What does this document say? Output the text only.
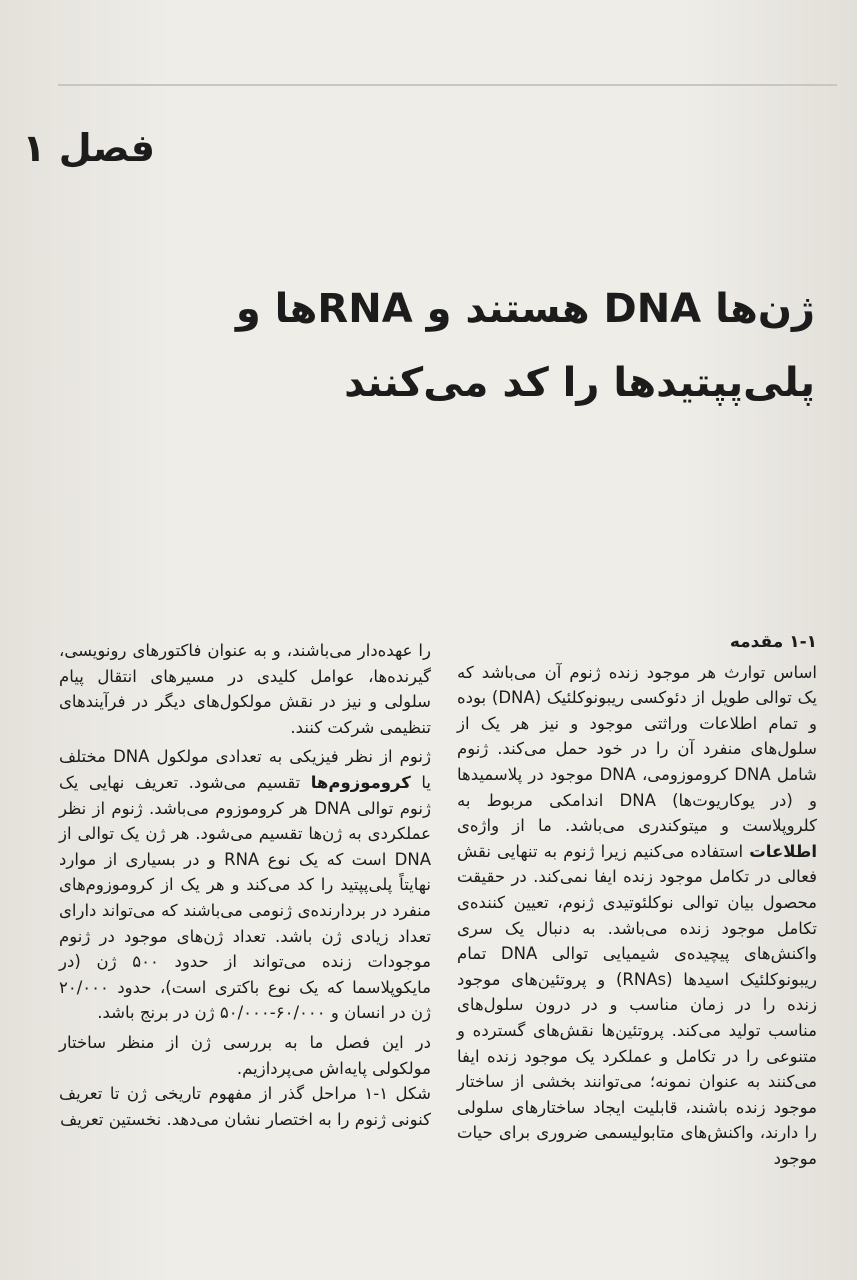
فصل ۱
ژن‌ها DNA هستند و RNAها و پلی‌پپتیدها را کد می‌کنند
۱-۱ مقدمه

اساس توارث هر موجود زنده ژنوم آن می‌باشد که یک توالی طویل از دئوکسی ریبونوکلئیک (DNA) بوده و تمام اطلاعات وراثتی موجود و نیز هر یک از سلول‌های منفرد آن را در خود حمل می‌کند. ژنوم شامل DNA کروموزومی، DNA موجود در پلاسمیدها و (در یوکاریوت‌ها) DNA اندامکی مربوط به کلروپلاست و میتوکندری می‌باشد. ما از واژه‌ی اطلاعات استفاده می‌کنیم زیرا ژنوم به تنهایی نقش فعالی در تکامل موجود زنده ایفا نمی‌کند. در حقیقت محصول بیان توالی نوکلئوتیدی ژنوم، تعیین کننده‌ی تکامل موجود زنده می‌باشد. به دنبال یک سری واکنش‌های پیچیده‌ی شیمیایی توالی DNA تمام ریبونوکلئیک اسیدها (RNAs) و پروتئین‌های موجود زنده را در زمان مناسب و در درون سلول‌های مناسب تولید می‌کند. پروتئین‌ها نقش‌های گسترده و متنوعی را در تکامل و عملکرد یک موجود زنده ایفا می‌کنند به عنوان نمونه؛ می‌توانند بخشی از ساختار موجود زنده باشند، قابلیت ایجاد ساختارهای سلولی را دارند، واکنش‌های متابولیسمی ضروری برای حیات موجود

را عهده‌دار می‌باشند، و به عنوان فاکتورهای رونویسی، گیرنده‌ها، عوامل کلیدی در مسیرهای انتقال پیام سلولی و نیز در نقش مولکول‌های دیگر در فرآیندهای تنظیمی شرکت کنند.

ژنوم از نظر فیزیکی به تعدادی مولکول DNA مختلف یا کروموزوم‌ها تقسیم می‌شود. تعریف نهایی یک ژنوم توالی DNA هر کروموزوم می‌باشد. ژنوم از نظر عملکردی به ژن‌ها تقسیم می‌شود. هر ژن یک توالی از DNA است که یک نوع RNA و در بسیاری از موارد نهایتاً پلی‌پپتید را کد می‌کند و هر یک از کروموزوم‌های منفرد در بردارنده‌ی ژنومی می‌باشند که می‌تواند دارای تعداد زیادی ژن باشد. تعداد ژن‌های موجود در ژنوم موجودات زنده می‌تواند از حدود ۵۰۰ ژن (در مایکوپلاسما که یک نوع باکتری است)، حدود ۲۰/۰۰۰ ژن در انسان و ۶۰/۰۰۰-۵۰/۰۰۰ ژن در برنج باشد.

در این فصل ما به بررسی ژن از منظر ساختار مولکولی پایه‌اش می‌پردازیم.

شکل ۱-۱ مراحل گذر از مفهوم تاریخی ژن تا تعریف کنونی ژنوم را به اختصار نشان می‌دهد. نخستین تعریف
